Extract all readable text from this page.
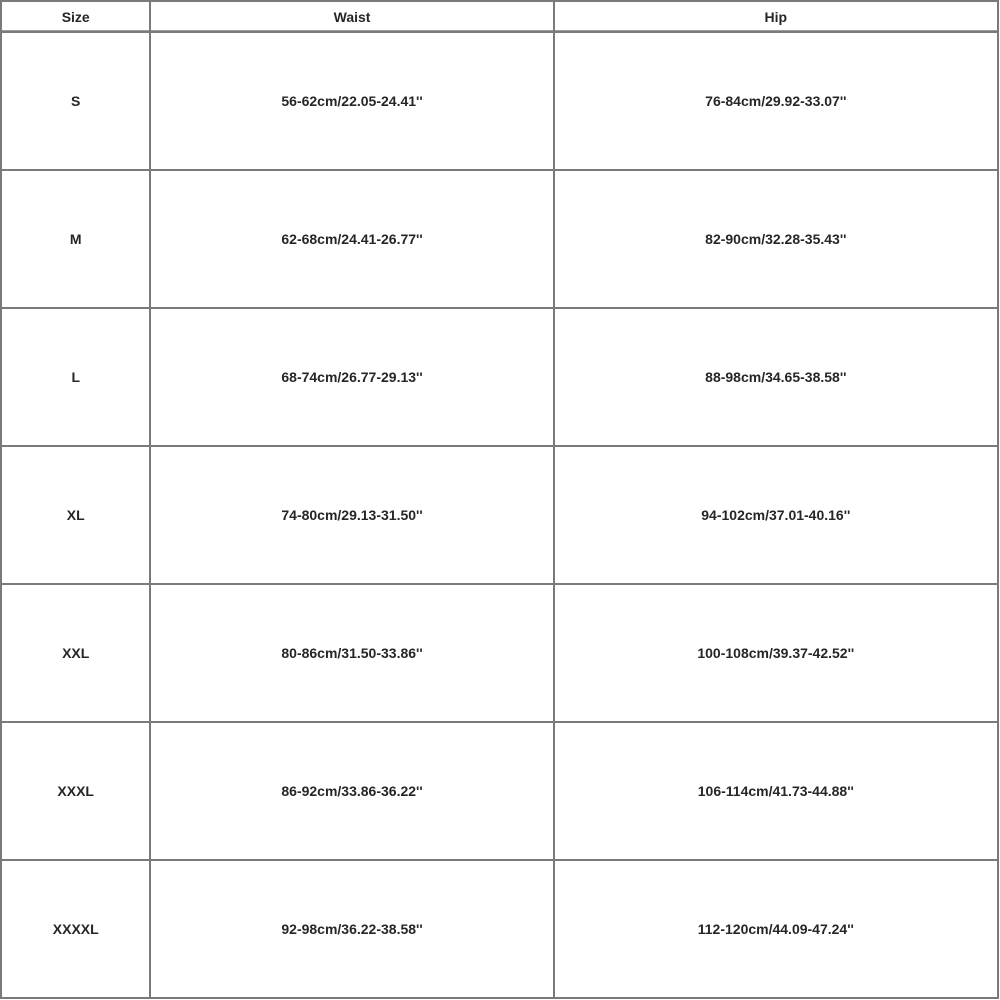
Size	Waist	Hip
S	56-62cm/22.05-24.41''	76-84cm/29.92-33.07''
M	62-68cm/24.41-26.77''	82-90cm/32.28-35.43''
L	68-74cm/26.77-29.13''	88-98cm/34.65-38.58''
XL	74-80cm/29.13-31.50''	94-102cm/37.01-40.16''
XXL	80-86cm/31.50-33.86''	100-108cm/39.37-42.52''
XXXL	86-92cm/33.86-36.22''	106-114cm/41.73-44.88''
XXXXL	92-98cm/36.22-38.58''	112-120cm/44.09-47.24''
